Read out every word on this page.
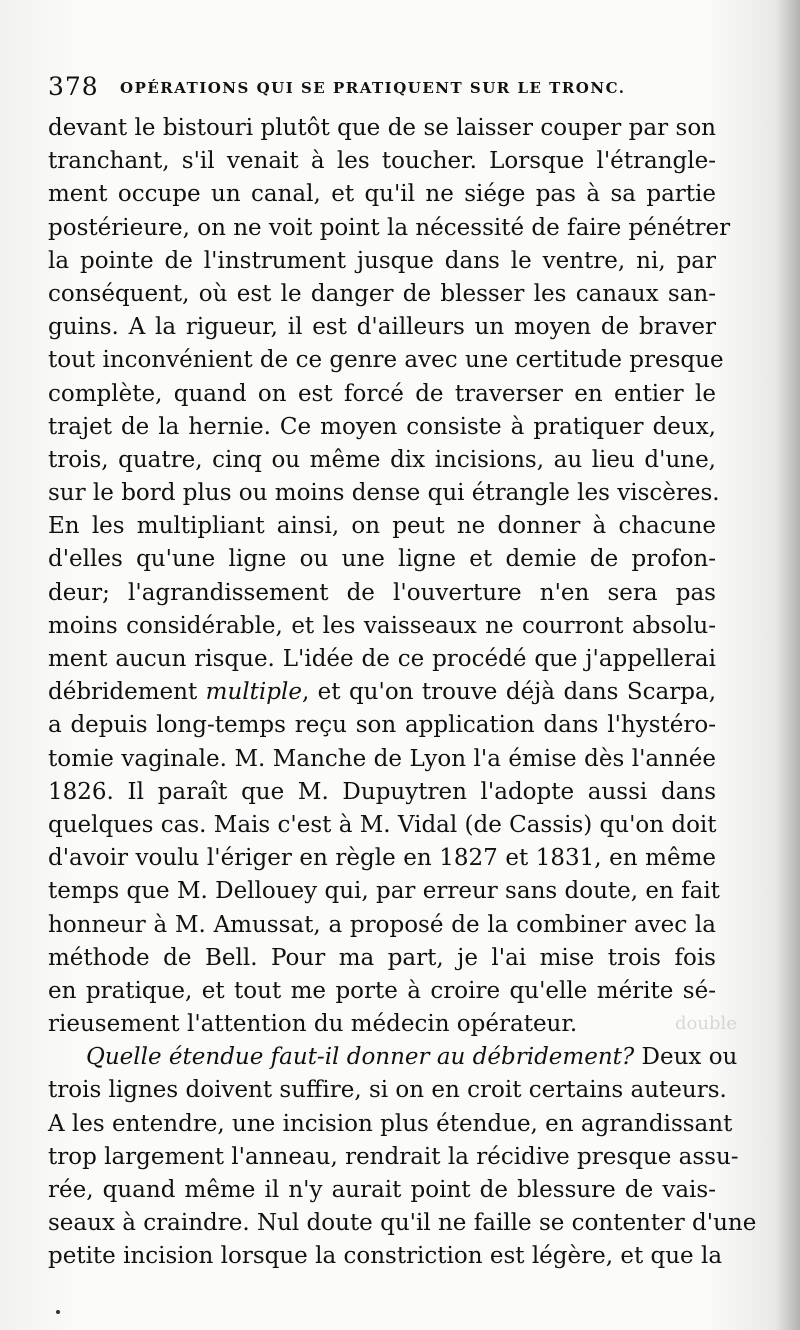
378 OPÉRATIONS QUI SE PRATIQUENT SUR LE TRONC.
devant le bistouri plutôt que de se laisser couper par son
tranchant, s'il venait à les toucher. Lorsque l'étrangle-
ment occupe un canal, et qu'il ne siége pas à sa partie
postérieure, on ne voit point la nécessité de faire pénétrer
la pointe de l'instrument jusque dans le ventre, ni, par
conséquent, où est le danger de blesser les canaux san-
guins. A la rigueur, il est d'ailleurs un moyen de braver
tout inconvénient de ce genre avec une certitude presque
complète, quand on est forcé de traverser en entier le
trajet de la hernie. Ce moyen consiste à pratiquer deux,
trois, quatre, cinq ou même dix incisions, au lieu d'une,
sur le bord plus ou moins dense qui étrangle les viscères.
En les multipliant ainsi, on peut ne donner à chacune
d'elles qu'une ligne ou une ligne et demie de profon-
deur; l'agrandissement de l'ouverture n'en sera pas
moins considérable, et les vaisseaux ne courront absolu-
ment aucun risque. L'idée de ce procédé que j'appellerai
débridement multiple, et qu'on trouve déjà dans Scarpa,
a depuis long-temps reçu son application dans l'hystéro-
tomie vaginale. M. Manche de Lyon l'a émise dès l'année
1826. Il paraît que M. Dupuytren l'adopte aussi dans
quelques cas. Mais c'est à M. Vidal (de Cassis) qu'on doit
d'avoir voulu l'ériger en règle en 1827 et 1831, en même
temps que M. Dellouey qui, par erreur sans doute, en fait
honneur à M. Amussat, a proposé de la combiner avec la
méthode de Bell. Pour ma part, je l'ai mise trois fois
en pratique, et tout me porte à croire qu'elle mérite sé-
rieusement l'attention du médecin opérateur.
Quelle étendue faut-il donner au débridement? Deux ou
trois lignes doivent suffire, si on en croit certains auteurs.
A les entendre, une incision plus étendue, en agrandissant
trop largement l'anneau, rendrait la récidive presque assu-
rée, quand même il n'y aurait point de blessure de vais-
seaux à craindre. Nul doute qu'il ne faille se contenter d'une
petite incision lorsque la constriction est légère, et que la
double
